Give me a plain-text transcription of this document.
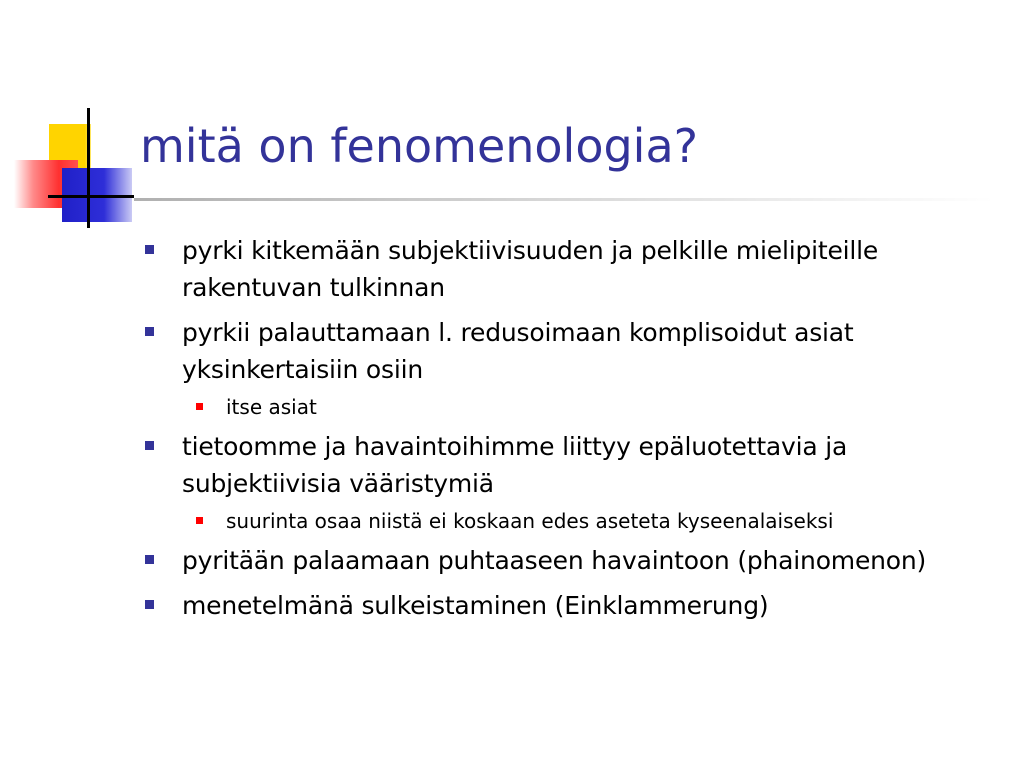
mitä on fenomenologia?
pyrki kitkemään subjektiivisuuden ja pelkille mielipiteille rakentuvan tulkinnan
pyrkii palauttamaan l. redusoimaan komplisoidut asiat yksinkertaisiin osiin
itse asiat
tietoomme ja havaintoihimme liittyy epäluotettavia ja subjektiivisia vääristymiä
suurinta osaa niistä ei koskaan edes aseteta kyseenalaiseksi
pyritään palaamaan puhtaaseen havaintoon (phainomenon)
menetelmänä sulkeistaminen (Einklammerung)
